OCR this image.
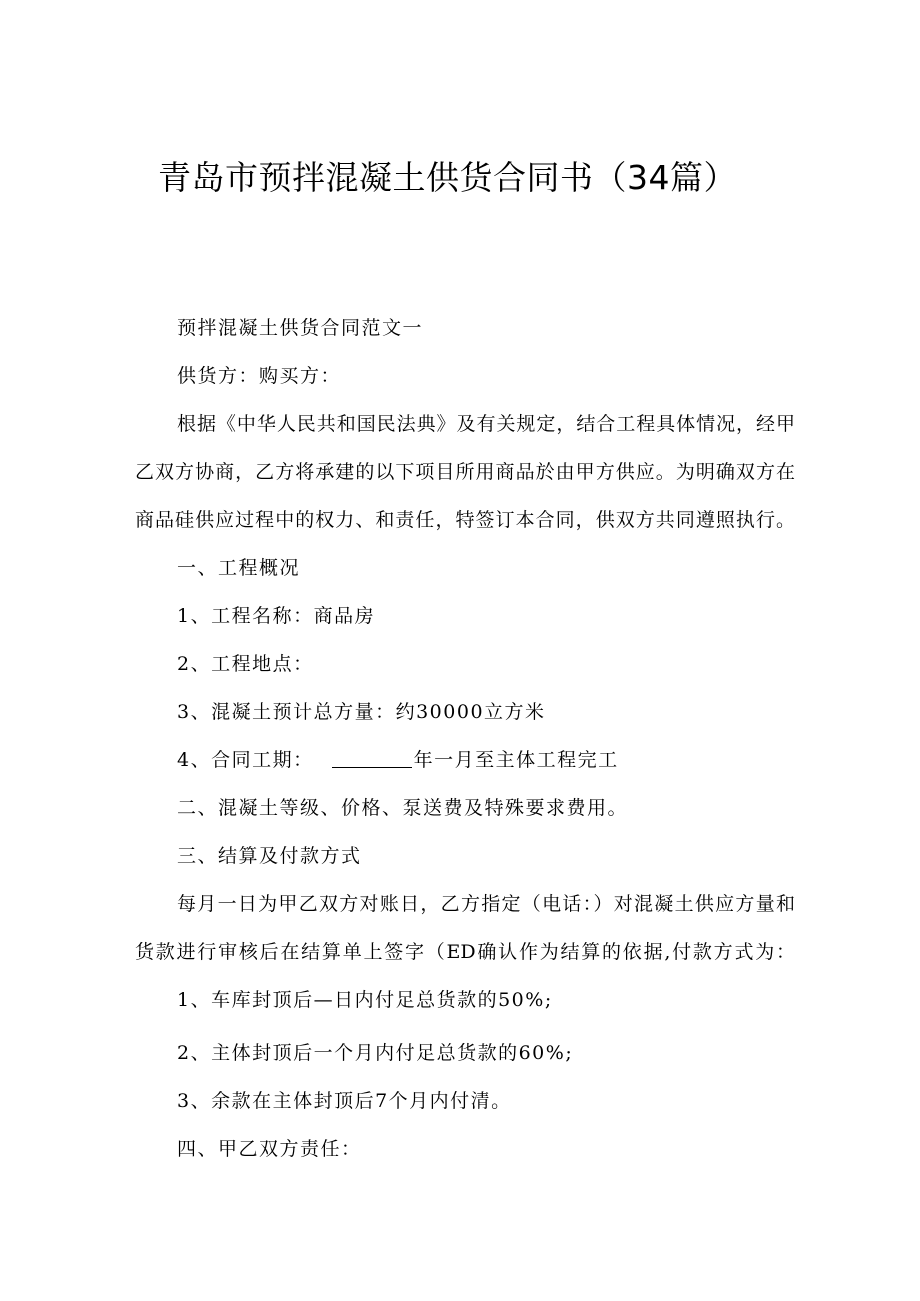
青岛市预拌混凝土供货合同书（34篇）
预拌混凝土供货合同范文一
供货方：购买方：
根据《中华人民共和国民法典》及有关规定，结合工程具体情况，经甲
乙双方协商，乙方将承建的以下项目所用商品於由甲方供应。为明确双方在
商品硅供应过程中的权力、和责任，特签订本合同，供双方共同遵照执行。
一、工程概况
1、工程名称：商品房
2、工程地点：
3、混凝土预计总方量：约30000立方米
4、合同工期：	年一月至主体工程完工
二、混凝土等级、价格、泵送费及特殊要求费用。
三、结算及付款方式
每月一日为甲乙双方对账日，乙方指定（电话：）对混凝土供应方量和
货款进行审核后在结算单上签字（ED确认作为结算的依据,付款方式为：
1、车库封顶后—日内付足总货款的50%;
2、主体封顶后一个月内付足总货款的60%;
3、余款在主体封顶后7个月内付清。
四、甲乙双方责任：
